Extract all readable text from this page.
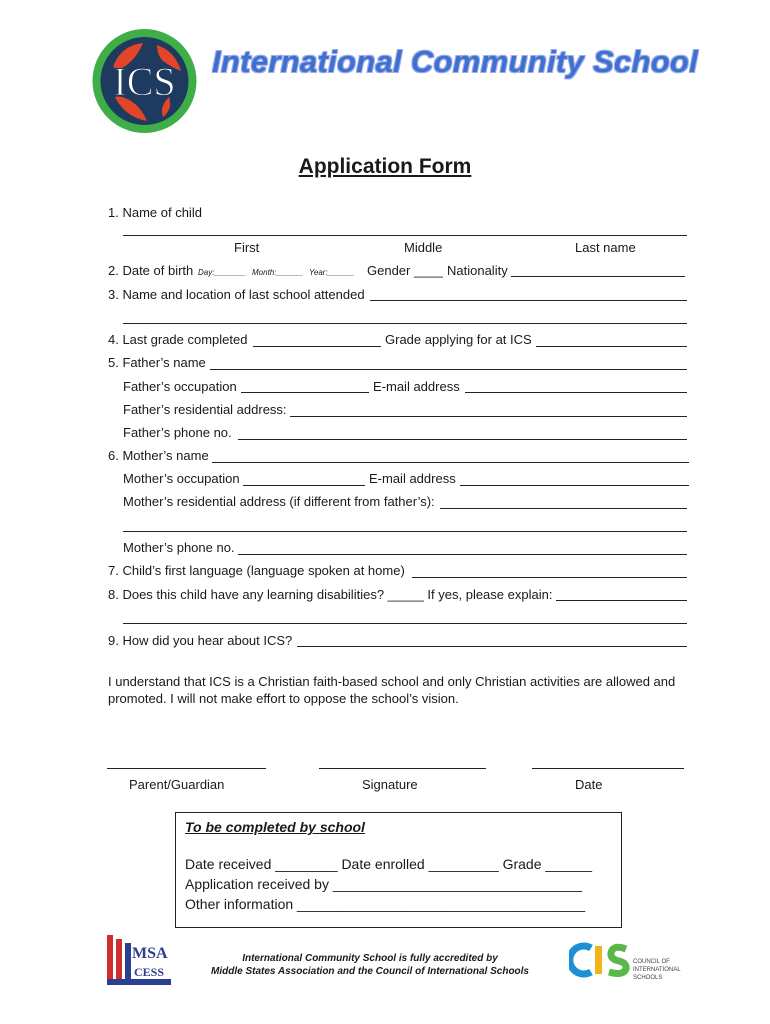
ICS International Community School
Application Form
1. Name of child
First	Middle	Last name
2. Date of birth Day:_______ Month:______ Year:______ Gender ____ Nationality
3. Name and location of last school attended
4. Last grade completed	Grade applying for at ICS
5. Father’s name
Father’s occupation	E-mail address
Father’s residential address:
Father’s phone no.
6. Mother’s name
Mother’s occupation	E-mail address
Mother’s residential address (if different from father’s):
Mother’s phone no.
7. Child’s first language (language spoken at home)
8. Does this child have any learning disabilities? _____ If yes, please explain:
9. How did you hear about ICS?
I understand that ICS is a Christian faith-based school and only Christian activities are allowed and
promoted. I will not make effort to oppose the school’s vision.
Parent/Guardian	Signature	Date
To be completed by school
Date received ________ Date enrolled _________ Grade ______
Application received by ________________________________
Other information _____________________________________
MSA
CESS
International Community School is fully accredited by
Middle States Association and the Council of International Schools
COUNCIL OF
INTERNATIONAL
SCHOOLS
